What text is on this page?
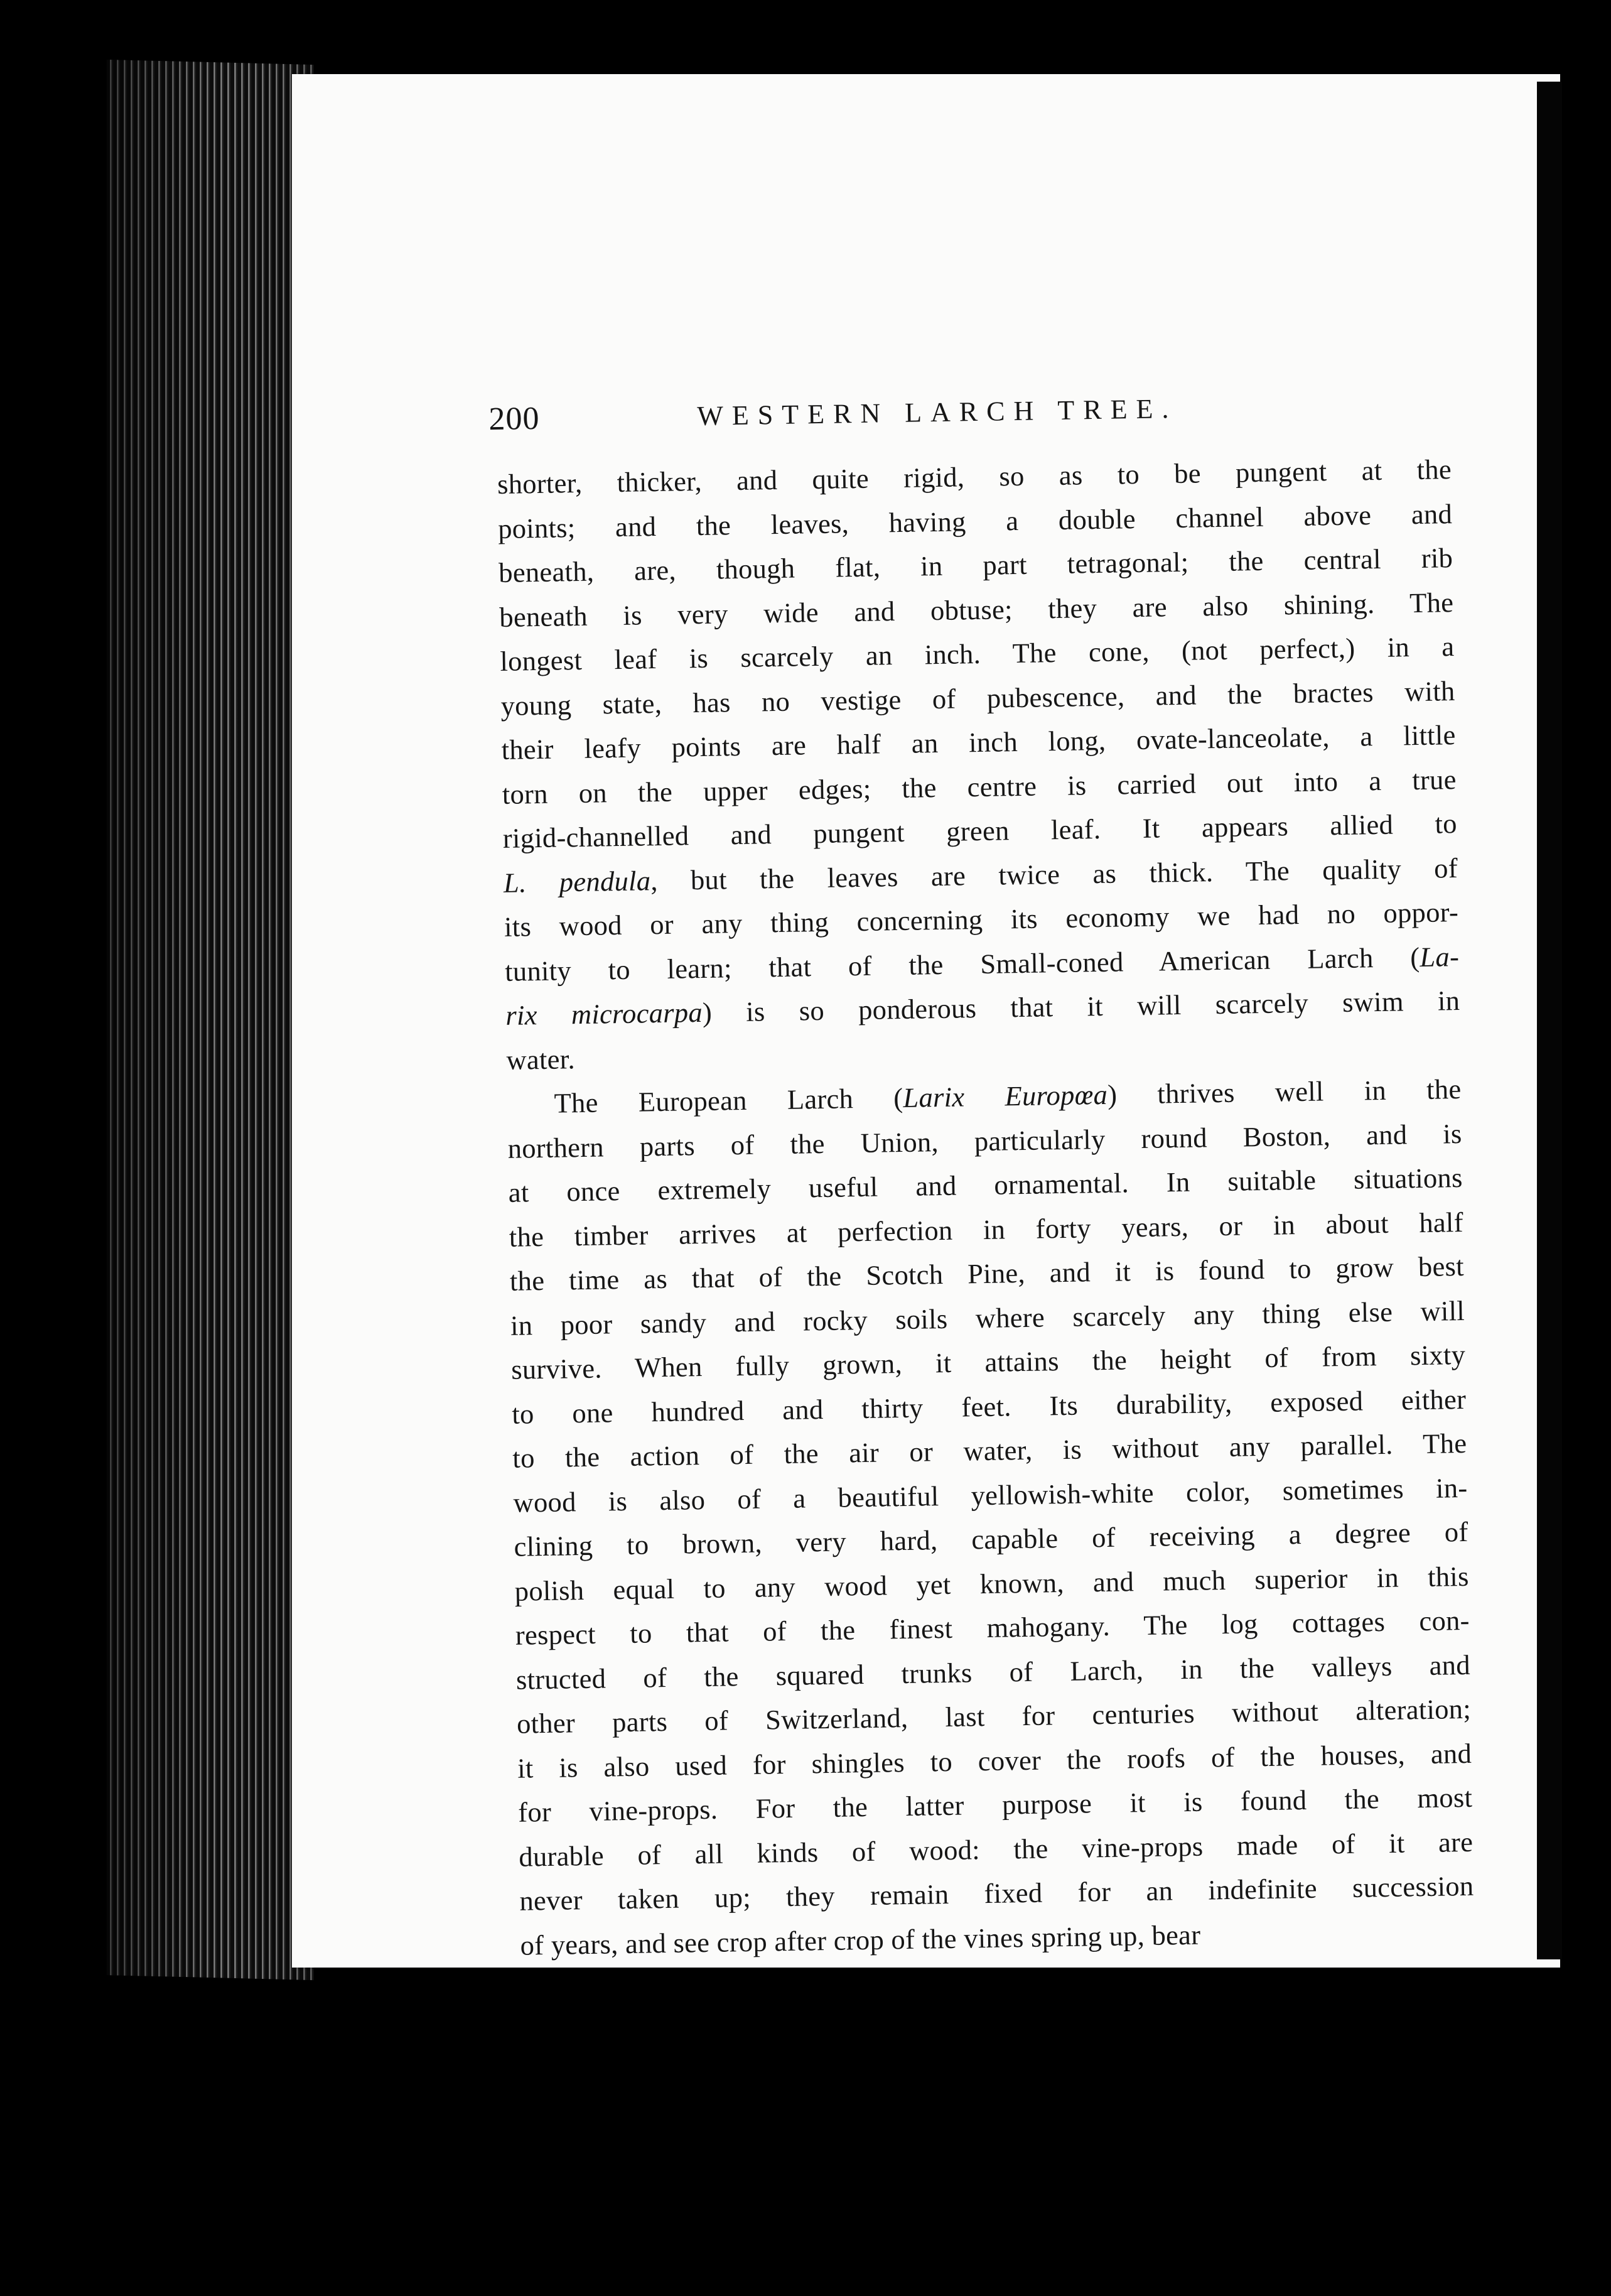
200	WESTERN LARCH TREE.
shorter, thicker, and quite rigid, so as to be pungent at the
points; and the leaves, having a double channel above and
beneath, are, though flat, in part tetragonal; the central rib
beneath is very wide and obtuse; they are also shining. The
longest leaf is scarcely an inch. The cone, (not perfect,) in a
young state, has no vestige of pubescence, and the bractes with
their leafy points are half an inch long, ovate-lanceolate, a little
torn on the upper edges; the centre is carried out into a true
rigid-channelled and pungent green leaf. It appears allied to
L. pendula, but the leaves are twice as thick. The quality of
its wood or any thing concerning its economy we had no oppor-
tunity to learn; that of the Small-coned American Larch (La-
rix microcarpa) is so ponderous that it will scarcely swim in
water.
The European Larch (Larix Europœa) thrives well in the
northern parts of the Union, particularly round Boston, and is
at once extremely useful and ornamental. In suitable situations
the timber arrives at perfection in forty years, or in about half
the time as that of the Scotch Pine, and it is found to grow best
in poor sandy and rocky soils where scarcely any thing else will
survive. When fully grown, it attains the height of from sixty
to one hundred and thirty feet. Its durability, exposed either
to the action of the air or water, is without any parallel. The
wood is also of a beautiful yellowish-white color, sometimes in-
clining to brown, very hard, capable of receiving a degree of
polish equal to any wood yet known, and much superior in this
respect to that of the finest mahogany. The log cottages con-
structed of the squared trunks of Larch, in the valleys and
other parts of Switzerland, last for centuries without alteration;
it is also used for shingles to cover the roofs of the houses, and
for vine-props. For the latter purpose it is found the most
durable of all kinds of wood: the vine-props made of it are
never taken up; they remain fixed for an indefinite succession
of years, and see crop after crop of the vines spring up, bear
